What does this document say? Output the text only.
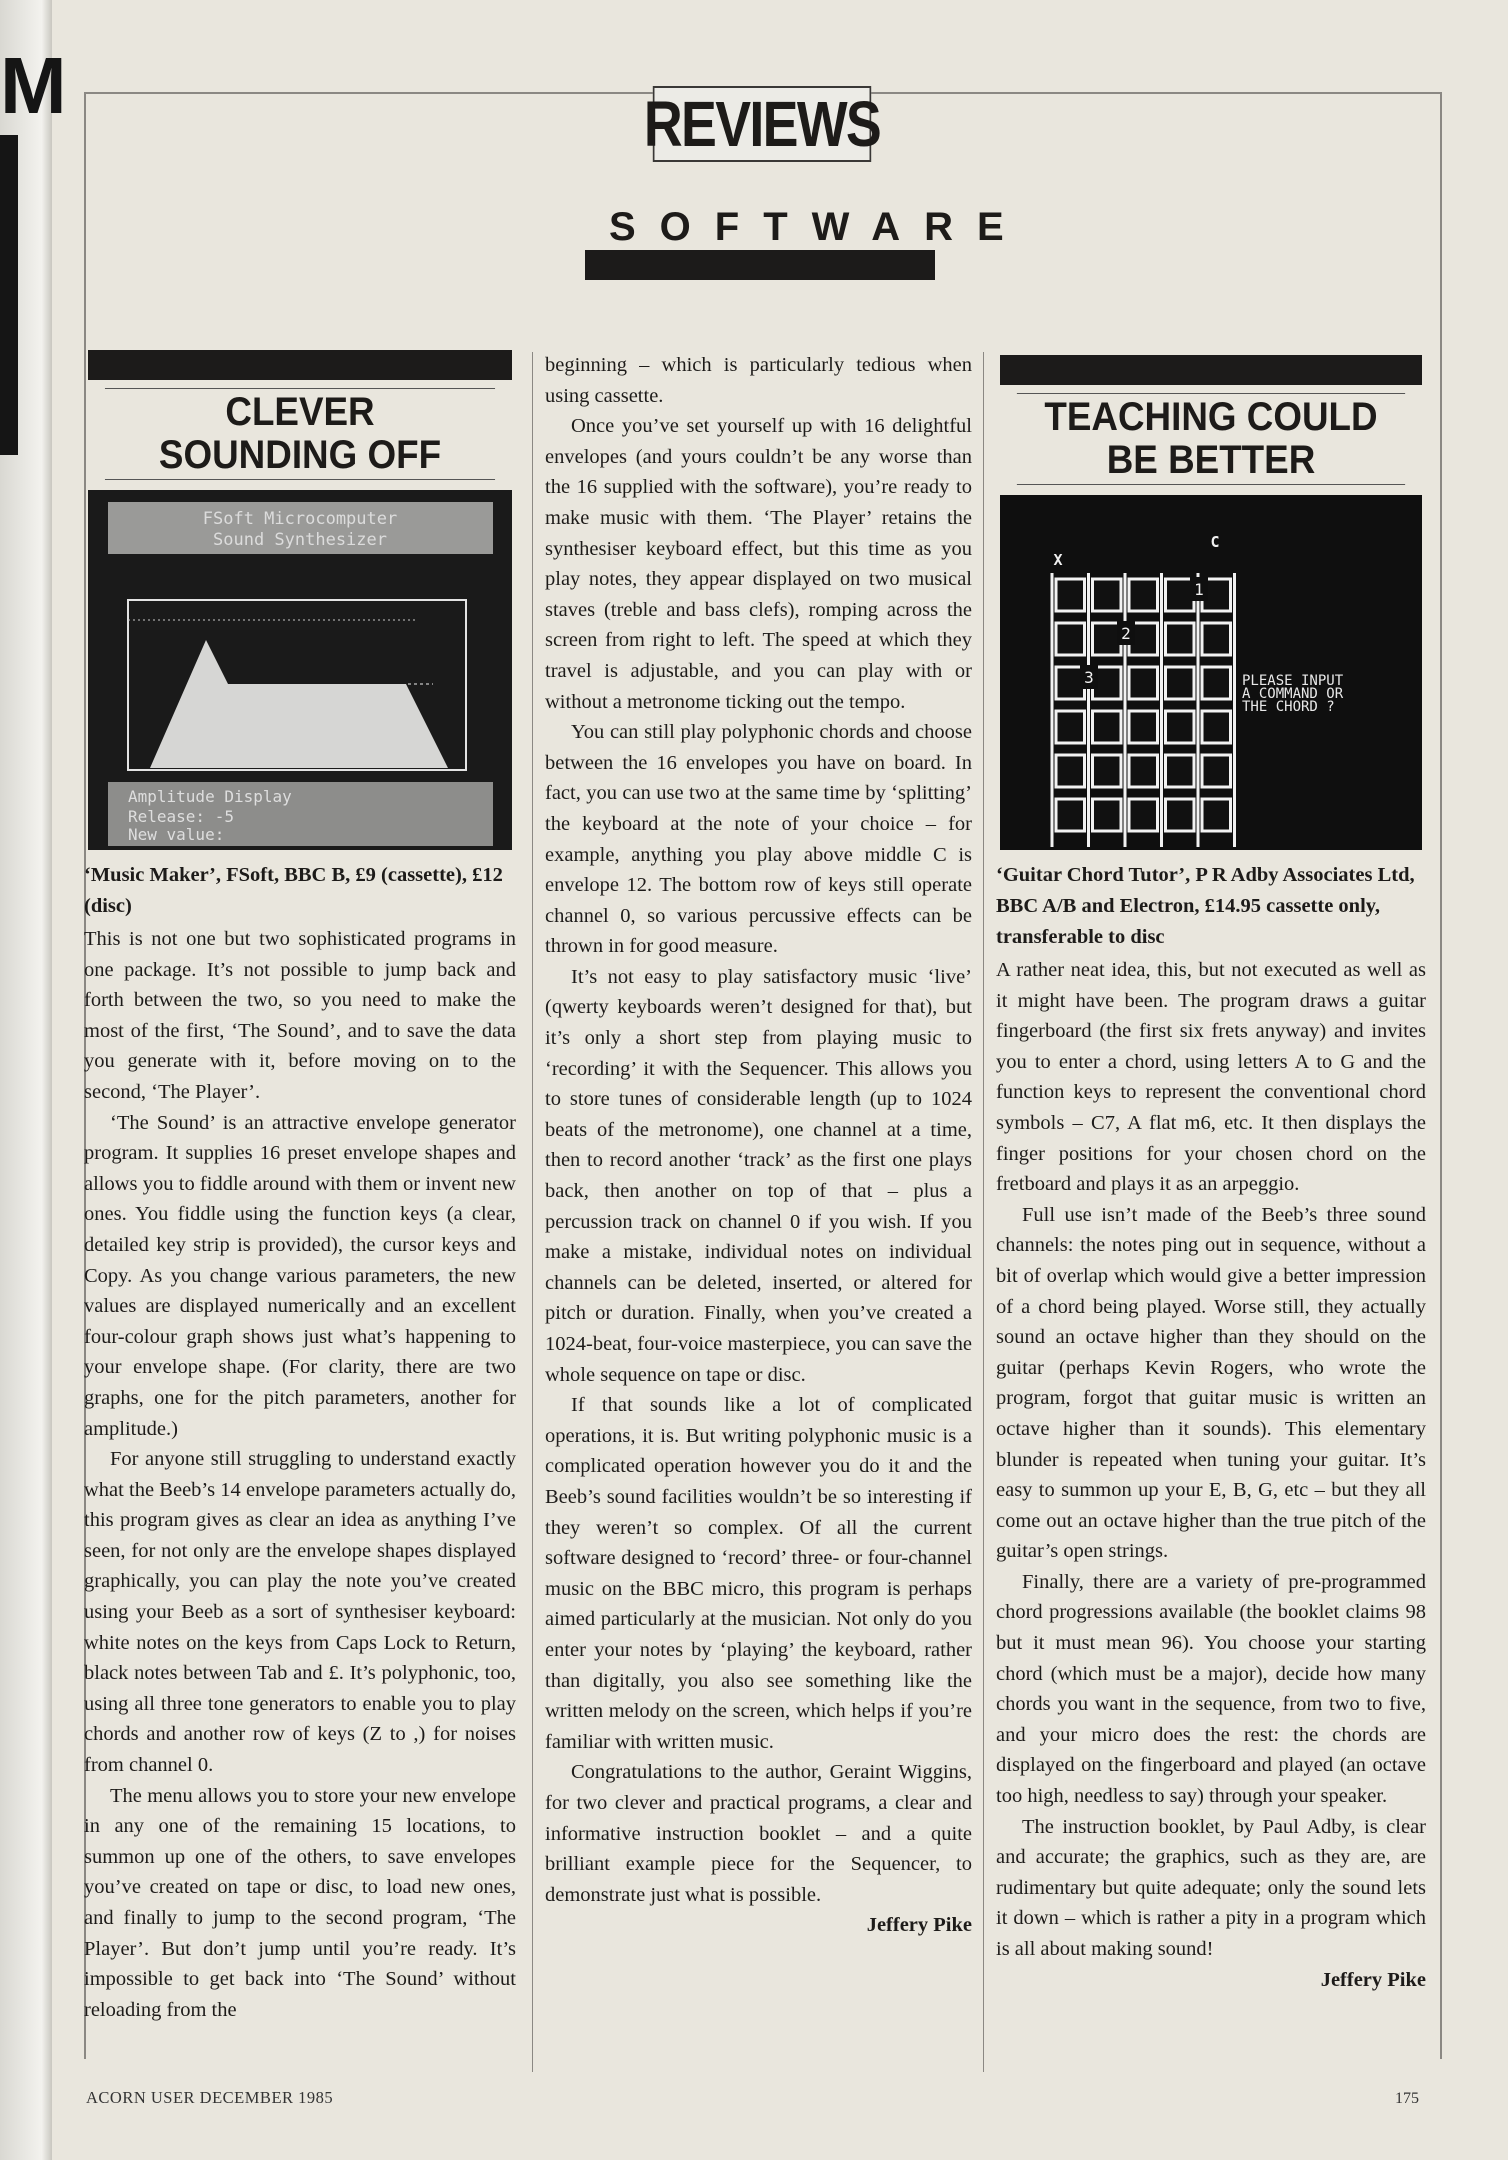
M	REVIEWS
SOFTWARE
CLEVER
SOUNDING OFF
FSoft Microcomputer
Sound Synthesizer
Amplitude Display
Release: -5
New value:
‘Music Maker’, FSoft, BBC B, £9 (cassette), £12 (disc)

This is not one but two sophisticated programs in one package. It’s not possible to jump back and forth between the two, so you need to make the most of the first, ‘The Sound’, and to save the data you generate with it, before moving on to the second, ‘The Player’.

‘The Sound’ is an attractive envelope generator program. It supplies 16 preset envelope shapes and allows you to fiddle around with them or invent new ones. You fiddle using the function keys (a clear, detailed key strip is provided), the cursor keys and Copy. As you change various parameters, the new values are displayed numerically and an excellent four-colour graph shows just what’s happening to your envelope shape. (For clarity, there are two graphs, one for the pitch parameters, another for amplitude.)

For anyone still struggling to understand exactly what the Beeb’s 14 envelope parameters actually do, this program gives as clear an idea as anything I’ve seen, for not only are the envelope shapes displayed graphically, you can play the note you’ve created using your Beeb as a sort of synthesiser keyboard: white notes on the keys from Caps Lock to Return, black notes between Tab and £. It’s polyphonic, too, using all three tone generators to enable you to play chords and another row of keys (Z to ,) for noises from channel 0.

The menu allows you to store your new envelope in any one of the remaining 15 locations, to summon up one of the others, to save envelopes you’ve created on tape or disc, to load new ones, and finally to jump to the second program, ‘The Player’. But don’t jump until you’re ready. It’s impossible to get back into ‘The Sound’ without reloading from the

beginning – which is particularly tedious when using cassette.

Once you’ve set yourself up with 16 delightful envelopes (and yours couldn’t be any worse than the 16 supplied with the software), you’re ready to make music with them. ‘The Player’ retains the synthesiser keyboard effect, but this time as you play notes, they appear displayed on two musical staves (treble and bass clefs), romping across the screen from right to left. The speed at which they travel is adjustable, and you can play with or without a metronome ticking out the tempo.

You can still play polyphonic chords and choose between the 16 envelopes you have on board. In fact, you can use two at the same time by ‘splitting’ the keyboard at the note of your choice – for example, anything you play above middle C is envelope 12. The bottom row of keys still operate channel 0, so various percussive effects can be thrown in for good measure.

It’s not easy to play satisfactory music ‘live’ (qwerty keyboards weren’t designed for that), but it’s only a short step from playing music to ‘recording’ it with the Sequencer. This allows you to store tunes of considerable length (up to 1024 beats of the metronome), one channel at a time, then to record another ‘track’ as the first one plays back, then another on top of that – plus a percussion track on channel 0 if you wish. If you make a mistake, individual notes on individual channels can be deleted, inserted, or altered for pitch or duration. Finally, when you’ve created a 1024-beat, four-voice masterpiece, you can save the whole sequence on tape or disc.

If that sounds like a lot of complicated operations, it is. But writing polyphonic music is a complicated operation however you do it and the Beeb’s sound facilities wouldn’t be so interesting if they weren’t so complex. Of all the current software designed to ‘record’ three- or four-channel music on the BBC micro, this program is perhaps aimed particularly at the musician. Not only do you enter your notes by ‘playing’ the keyboard, rather than digitally, you also see something like the written melody on the screen, which helps if you’re familiar with written music.

Congratulations to the author, Geraint Wiggins, for two clever and practical programs, a clear and informative instruction booklet – and a quite brilliant example piece for the Sequencer, to demonstrate just what is possible.

Jeffery Pike
TEACHING COULD
BE BETTER
C
X
1
2
3	PLEASE INPUT
A COMMAND OR
THE CHORD ?
‘Guitar Chord Tutor’, P R Adby Associates Ltd, BBC A/B and Electron, £14.95 cassette only, transferable to disc

A rather neat idea, this, but not executed as well as it might have been. The program draws a guitar fingerboard (the first six frets anyway) and invites you to enter a chord, using letters A to G and the function keys to represent the conventional chord symbols – C7, A flat m6, etc. It then displays the finger positions for your chosen chord on the fretboard and plays it as an arpeggio.

Full use isn’t made of the Beeb’s three sound channels: the notes ping out in sequence, without a bit of overlap which would give a better impression of a chord being played. Worse still, they actually sound an octave higher than they should on the guitar (perhaps Kevin Rogers, who wrote the program, forgot that guitar music is written an octave higher than it sounds). This elementary blunder is repeated when tuning your guitar. It’s easy to summon up your E, B, G, etc – but they all come out an octave higher than the true pitch of the guitar’s open strings.

Finally, there are a variety of pre-programmed chord progressions available (the booklet claims 98 but it must mean 96). You choose your starting chord (which must be a major), decide how many chords you want in the sequence, from two to five, and your micro does the rest: the chords are displayed on the fingerboard and played (an octave too high, needless to say) through your speaker.

The instruction booklet, by Paul Adby, is clear and accurate; the graphics, such as they are, are rudimentary but quite adequate; only the sound lets it down – which is rather a pity in a program which is all about making sound!

Jeffery Pike
ACORN USER DECEMBER 1985	175
